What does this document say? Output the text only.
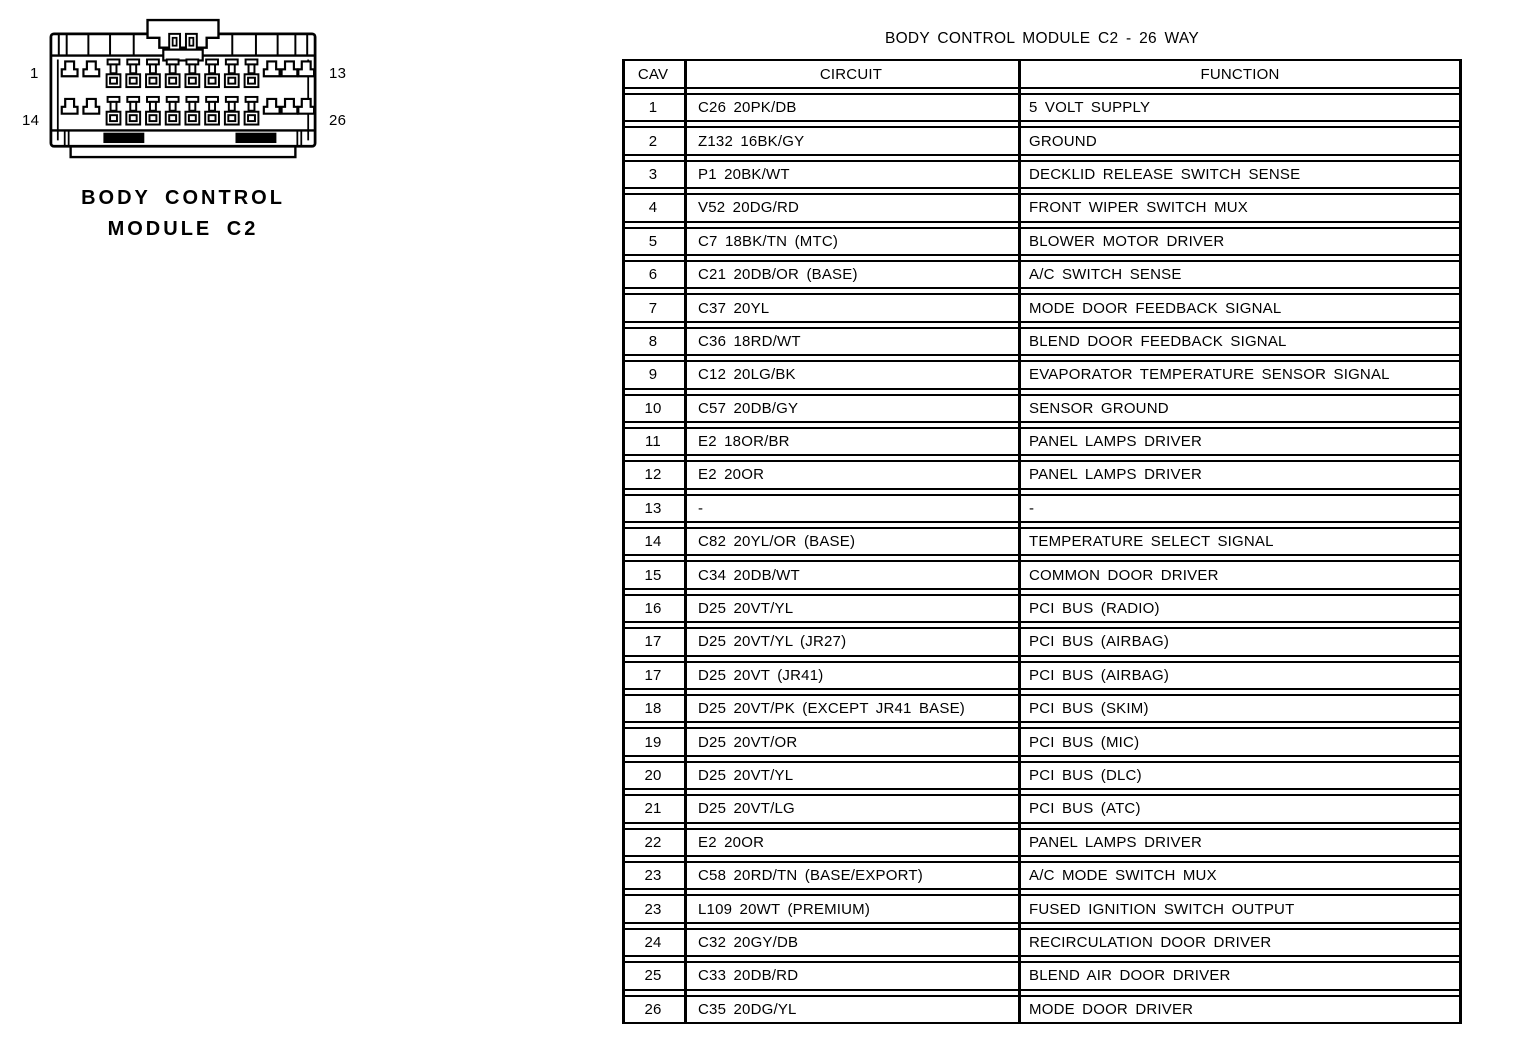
1	13
14	26
BODY CONTROL
MODULE C2
BODY CONTROL MODULE C2 - 26 WAY
CAV	CIRCUIT	FUNCTION
1	C26 20PK/DB	5 VOLT SUPPLY
2	Z132 16BK/GY	GROUND
3	P1 20BK/WT	DECKLID RELEASE SWITCH SENSE
4	V52 20DG/RD	FRONT WIPER SWITCH MUX
5	C7 18BK/TN (MTC)	BLOWER MOTOR DRIVER
6	C21 20DB/OR (BASE)	A/C SWITCH SENSE
7	C37 20YL	MODE DOOR FEEDBACK SIGNAL
8	C36 18RD/WT	BLEND DOOR FEEDBACK SIGNAL
9	C12 20LG/BK	EVAPORATOR TEMPERATURE SENSOR SIGNAL
10	C57 20DB/GY	SENSOR GROUND
11	E2 18OR/BR	PANEL LAMPS DRIVER
12	E2 20OR	PANEL LAMPS DRIVER
13	-	-
14	C82 20YL/OR (BASE)	TEMPERATURE SELECT SIGNAL
15	C34 20DB/WT	COMMON DOOR DRIVER
16	D25 20VT/YL	PCI BUS (RADIO)
17	D25 20VT/YL (JR27)	PCI BUS (AIRBAG)
17	D25 20VT (JR41)	PCI BUS (AIRBAG)
18	D25 20VT/PK (EXCEPT JR41 BASE)	PCI BUS (SKIM)
19	D25 20VT/OR	PCI BUS (MIC)
20	D25 20VT/YL	PCI BUS (DLC)
21	D25 20VT/LG	PCI BUS (ATC)
22	E2 20OR	PANEL LAMPS DRIVER
23	C58 20RD/TN (BASE/EXPORT)	A/C MODE SWITCH MUX
23	L109 20WT (PREMIUM)	FUSED IGNITION SWITCH OUTPUT
24	C32 20GY/DB	RECIRCULATION DOOR DRIVER
25	C33 20DB/RD	BLEND AIR DOOR DRIVER
26	C35 20DG/YL	MODE DOOR DRIVER
